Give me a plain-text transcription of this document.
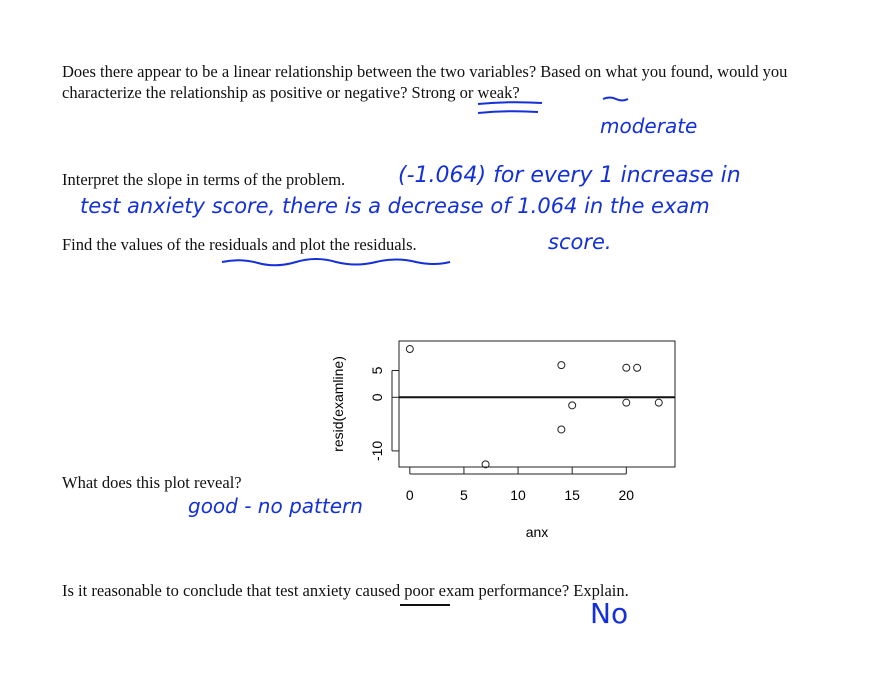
Does there appear to be a linear relationship between the two variables? Based on what you found, would you characterize the relationship as positive or negative? Strong or weak?
moderate
Interpret the slope in terms of the problem. (-1.064) for every 1 increase in
test anxiety score, there is a decrease of 1.064 in the exam
score.
Find the values of the residuals and plot the residuals.
0	5	10	15	20
-10
0
5
anx
resid(examline)
What does this plot reveal?
good - no pattern
Is it reasonable to conclude that test anxiety caused poor exam performance? Explain.
No
